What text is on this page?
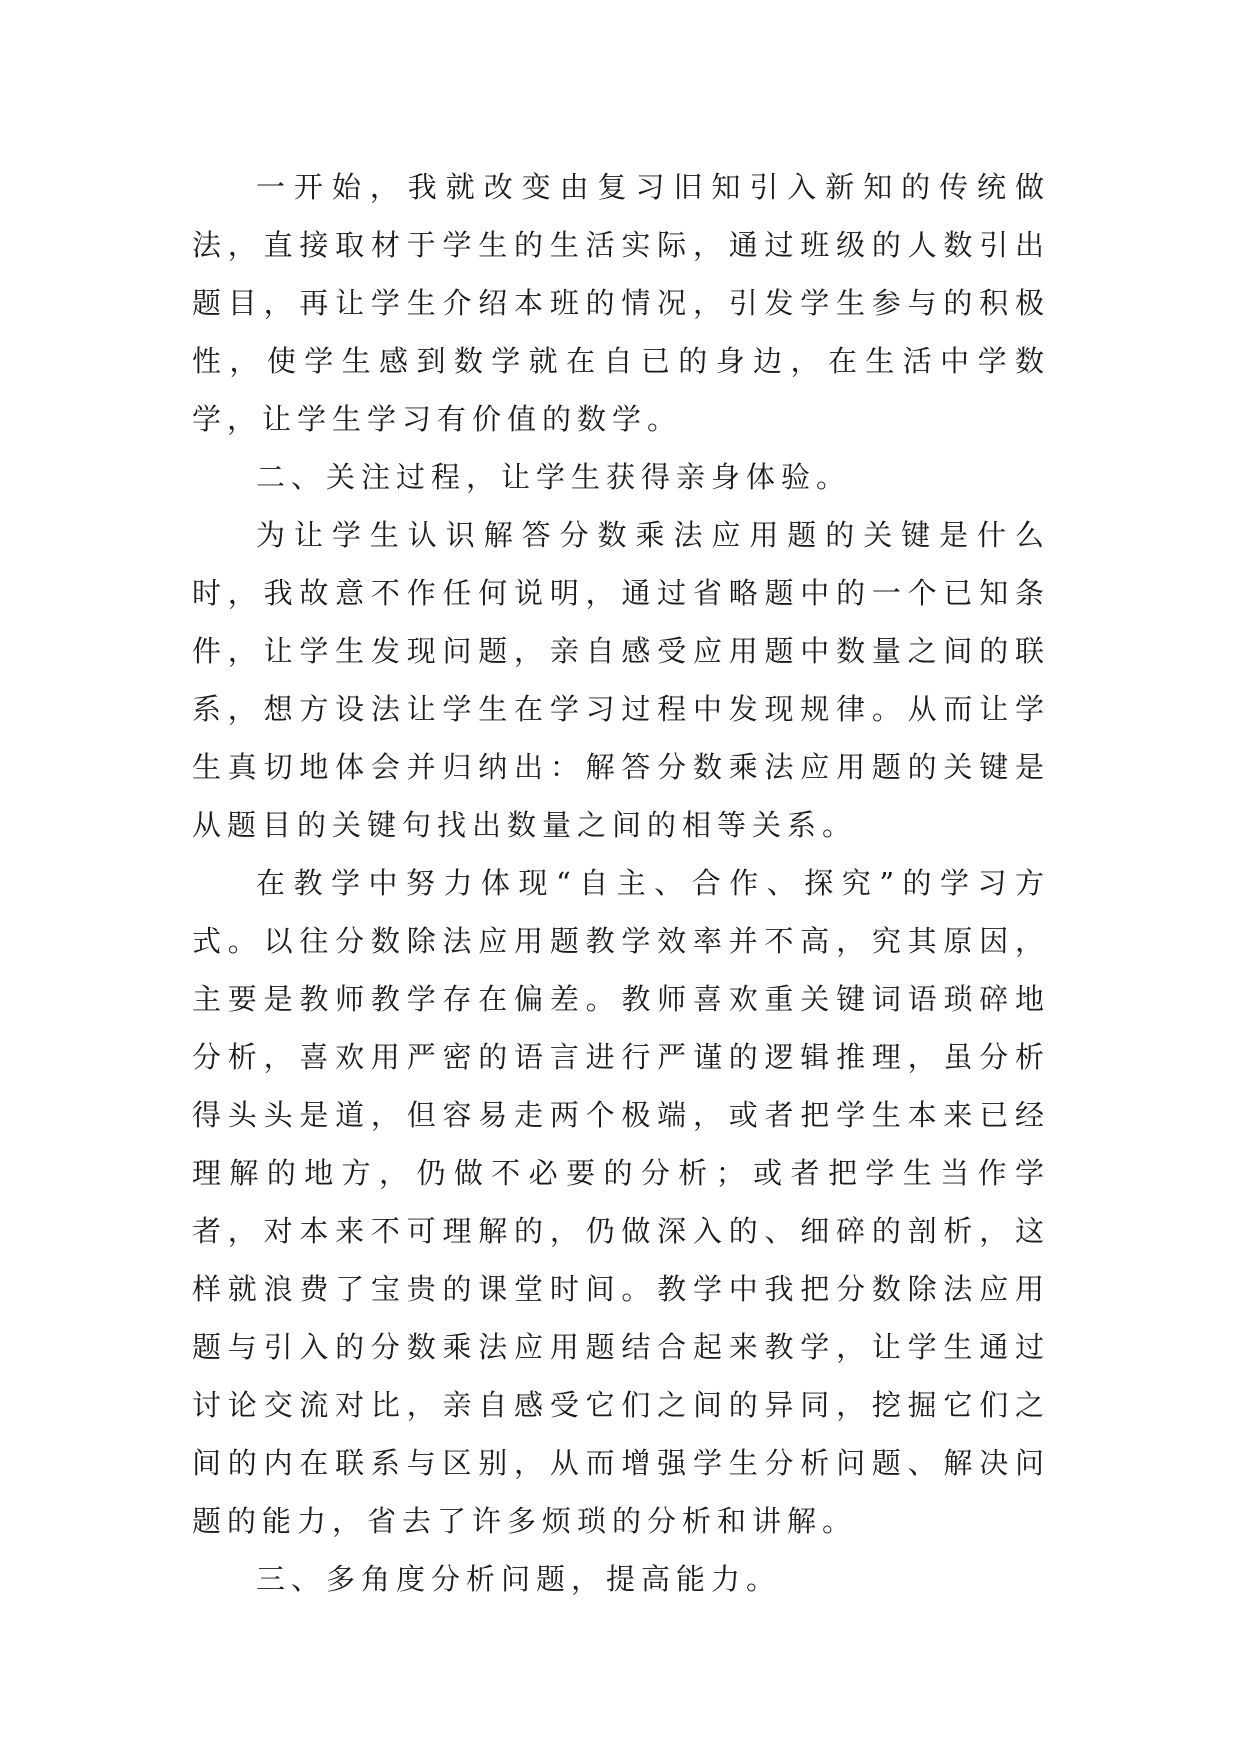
一开始，我就改变由复习旧知引入新知的传统做法，直接取材于学生的生活实际，通过班级的人数引出题目，再让学生介绍本班的情况，引发学生参与的积极性，使学生感到数学就在自已的身边，在生活中学数学，让学生学习有价值的数学。

二、关注过程，让学生获得亲身体验。

为让学生认识解答分数乘法应用题的关键是什么时，我故意不作任何说明，通过省略题中的一个已知条件，让学生发现问题，亲自感受应用题中数量之间的联系，想方设法让学生在学习过程中发现规律。从而让学生真切地体会并归纳出：解答分数乘法应用题的关键是从题目的关键句找出数量之间的相等关系。

在教学中努力体现“自主、合作、探究”的学习方式。以往分数除法应用题教学效率并不高，究其原因，主要是教师教学存在偏差。教师喜欢重关键词语琐碎地分析，喜欢用严密的语言进行严谨的逻辑推理，虽分析得头头是道，但容易走两个极端，或者把学生本来已经理解的地方，仍做不必要的分析；或者把学生当作学者，对本来不可理解的，仍做深入的、细碎的剖析，这样就浪费了宝贵的课堂时间。教学中我把分数除法应用题与引入的分数乘法应用题结合起来教学，让学生通过讨论交流对比，亲自感受它们之间的异同，挖掘它们之间的内在联系与区别，从而增强学生分析问题、解决问题的能力，省去了许多烦琐的分析和讲解。

三、多角度分析问题，提高能力。
